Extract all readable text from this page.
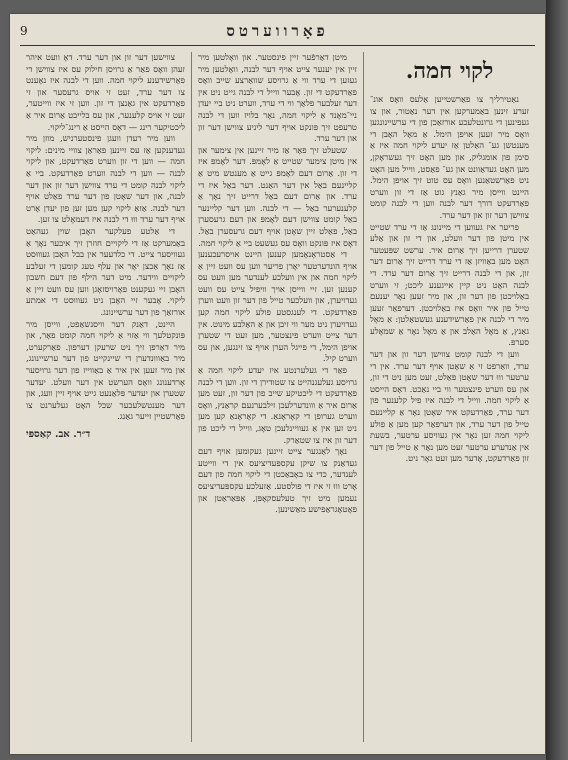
פאָרווערטס
9
לקוי חמה.

נאַטירליך צו פאַרשטייען אַלעס וואָס אונ־ זערע זינען באַמערקען אין דער נאַטור, און צו געפינען די גרונטלעכע אורזאַכן פון די ערשיינונגען וואָס מיר זעען אויפן הימל. אַ מאָל האָבן די מענטשן גע־ האַלטן אַז יעדע ליקוי חמה איז אַ סימן פון אומגליק, און מען האָט זיך געשראָקן, מען האָט געדאַוונט און גע־ פאַסט, ווייל מען האָט ניט פאַרשטאַנען וואָס עס טוט זיך אויפן הימל. היינט ווייסן מיר גאַנץ גוט אַז די זון ווערט פאַרדעקט דורך דער לבנה ווען די לבנה קומט צווישן דער זון און דער ערד.

פריער איז געווען די מיינונג אַז די ערד שטייט אין מיטן פון דער וועלט, און די זון און אַלע שטערן דרייען זיך אַרום איר. ערשט שפּעטער האָט מען באַוויזן אַז די ערד דרייט זיך אַרום דער זון, און די לבנה דרייט זיך אַרום דער ערד. די לבנה האָט ניט קיין אייגענע ליכט; זי ווערט באַלויכטן פון דער זון, און מיר זעען נאָר יענעם טייל פון איר וואָס איז באַלויכטן. דערפאַר זעען מיר די לבנה אין פאַרשידענע געשטאַלטן: אַ מאָל גאַנץ, אַ מאָל האַלב און אַ מאָל נאָר אַ שמאָלע סערפּ.

ווען די לבנה קומט צווישן דער זון און דער ערד, וואַרפט זי אַ שאָטן אויף דער ערד. אין די ערטער וווּ דער שאָטן פאַלט, זעט מען ניט די זון, און עס ווערט פינצטער ווי ביי נאַכט. דאָס הייסט אַ ליקוי חמה. ווייל די לבנה איז פיל קלענער פון דער ערד, פאַרדעקט איר שאָטן נאָר אַ קליינעם טייל פון דער ערד, און דערפאַר קען מען אַ פולע ליקוי חמה זען נאָר אין געוויסע ערטער, בשעת אין אַנדערע ערטער זעט מען נאָר אַ טייל פון דער זון פאַרדעקט, אָדער מען זעט גאָר ניט.

מיטן דאַרפֿער זיין פינסטער. און וואָלטען מיר זיין אין יענער צייט אויף דער לבנה, וואָלטען מיר געזען די ערד ווי אַ גרויסע שוואַרצע שייב וואָס פאַרדעקט די זון. אָבער ווייל די לבנה גייט ניט אין דער זעלבער פלאַך ווי די ערד, ווערט ניט ביי יעדן ניי־מאָנד אַ ליקוי חמה, נאָר בלויז ווען די לבנה טרעפט זיך פּונקט אויף דער ליניע צווישן דער זון און דער ערד.

שטעלט זיך פאָר אַז מיר זיינען אין צימער און אין מיטן צימער שטייט אַ לאָמפּ. דער לאָמפּ איז די זון. אַרום דעם לאָמפּ גייט אַ מענטש מיט אַ קליינעם באַל אין דער האַנט. דער באַל איז די ערד. און אַרום דעם באַל דרייט זיך נאָך אַ קלענערער באַל — די לבנה. ווען דער קליינער באַל קומט צווישן דעם לאָמפּ און דעם גרעסערן באַל, פאַלט זיין שאָטן אויף דעם גרעסערן באַל. דאָס איז פּונקט וואָס עס געשעט ביי אַ ליקוי חמה.

די אַסטראָנאָמען קענען היינט אויסרעכענען אויף הונדערטער יאָרן פריער ווען עס וועט זיין אַ ליקוי חמה און אין וועלכע לענדער מען וועט עס קענען זען. זיי ווייסן אויך וויפיל צייט עס וועט געדויערן, און וועלכער טייל פון דער זון וועט ווערן פאַרדעקט. די לענגסטע פולע ליקוי חמה קען געדויערן ניט מער ווי זיבן און אַ האַלבע מינוט. אין דער צייט ווערט פינצטער, מען זעט די שטערן אויפן הימל, די פייגל הערן אויף צו זינגען, און עס ווערט קיל.

פאַר די געלערנטע איז יעדע ליקוי חמה אַ גרויסע געלעגנהייט צו שטודירן די זון. ווען די לבנה פאַרדעקט די ליכטיקע שייב פון דער זון, זעט מען אַרום איר אַ ווונדערלעכן זילבערנעם קראַנץ, וואָס ווערט גערופן די קאָראָנאַ. די קאָראָנאַ קען מען ניט זען אין אַ געוויינלעכן טאָג, ווייל די ליכט פון דער זון איז צו שטאַרק.

נאָך לאַנגער צייט זיינען געקומען אויף דעם געדאַנק צו שיקן עקספּעדיציעס אין די ווייטע לענדער, כדי צו באָבאַכטן די ליקוי חמה פון דעם אָרט וווּ זי איז די פולסטע. אַזעלכע עקספּעדיציעס נעמען מיט זיך טעלעסקאָפּן, אַפּאַראַטן און פאָטאָגראַפישע מאַשינען.

צווישען דער זון און דער ערד. דאָ וועט איהר זעהן וואָס פאַר אַ גרויסן חילוק עס איז צווישן די פאַרשידענע ליקוי חמה. ווען די לבנה איז נאָענט צו דער ערד, זעט זי אויס גרעסער און זי פאַרדעקט אין גאַנצן די זון. ווען זי איז ווייטער, זעט זי אויס קלענער, און עס בלייבט אַרום איר אַ ליכטיקער רינג — דאָס הייסט אַ רינג־ליקוי.

ווען מיר רעדן וועגן פינסטערניש, מוזן מיר געדענקען אַז עס זיינען פאַראַן צוויי מינים: ליקוי חמה — ווען די זון ווערט פאַרדעקט, און ליקוי לבנה — ווען די לבנה ווערט פאַרדעקט. ביי אַ ליקוי לבנה קומט די ערד צווישן דער זון און דער לבנה, און דער שאָטן פון דער ערד פאַלט אויף דער לבנה. אַזאַ ליקוי קען מען זען פון יעדן אָרט אויף דער ערד וווּ די לבנה איז דעמאָלט צו זען.

די אַלטע פעלקער האָבן שוין געהאַט באַמערקט אַז די ליקויים חוזרן זיך איבער נאָך אַ געוויסער צייט. די כלדעער אין בבל האָבן געוווּסט אַז נאָך אַכצן יאָר און עלף טעג קומען די זעלבע ליקויים ווידער. מיט דער הילף פון דעם חשבון האָבן זיי געקענט פאָרויסזאָגן ווען עס וועט זיין אַ ליקוי. אָבער זיי האָבן ניט געוווּסט די אמתע אורזאַך פון דער ערשיינונג.

היינט, דאַנק דער וויסנשאַפט, ווייסן מיר פּונקטלעך ווי אַזוי אַ ליקוי חמה קומט פאָר, און מיר דאַרפן זיך ניט שרעקן דערפון. פאַרקערט, מיר באַוווּנדערן די שיינקייט פון דער ערשיינונג, און מיר זעען אין איר אַ באַווייז פון דער גרויסער אָרדענונג וואָס הערשט אין דער וועלט. יעדער שטערן און יעדער פּלאַנעט גייט אויף זיין וועג, און דער מענטשלעכער שכל האָט געלערנט צו פאַרשטיין זייער גאַנג.

ד״ר. אב. קאַספּי
